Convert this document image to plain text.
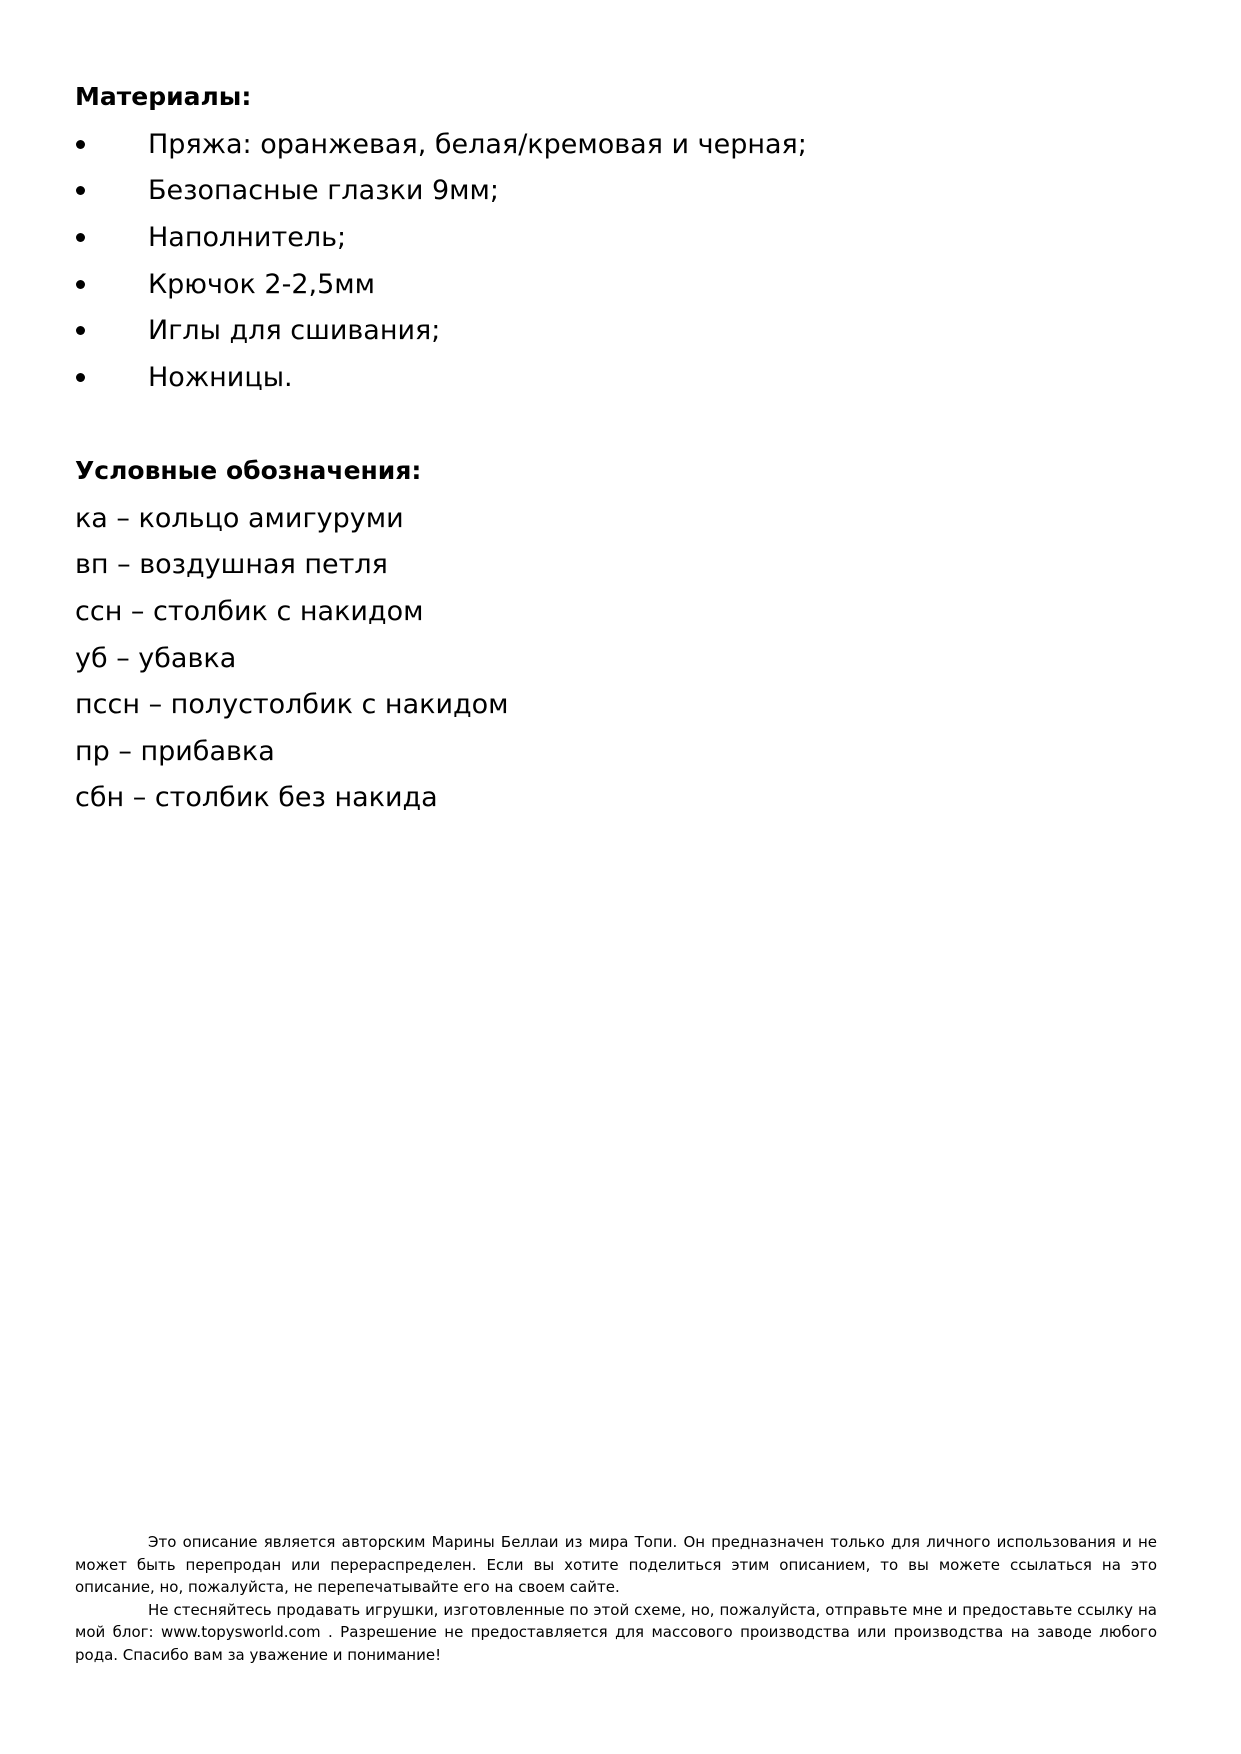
Материалы:
Пряжа: оранжевая, белая/кремовая и черная;
Безопасные глазки 9мм;
Наполнитель;
Крючок 2-2,5мм
Иглы для сшивания;
Ножницы.
Условные обозначения:
ка – кольцо амигуруми
вп – воздушная петля
ссн – столбик с накидом
уб – убавка
пссн – полустолбик с накидом
пр – прибавка
сбн – столбик без накида

Это описание является авторским Марины Беллаи из мира Топи. Он предназначен только для личного использования и не может быть перепродан или перераспределен. Если вы хотите поделиться этим описанием, то вы можете ссылаться на это описание, но, пожалуйста, не перепечатывайте его на своем сайте.

Не стесняйтесь продавать игрушки, изготовленные по этой схеме, но, пожалуйста, отправьте мне и предоставьте ссылку на мой блог: www.topysworld.com . Разрешение не предоставляется для массового производства или производства на заводе любого рода. Спасибо вам за уважение и понимание!
